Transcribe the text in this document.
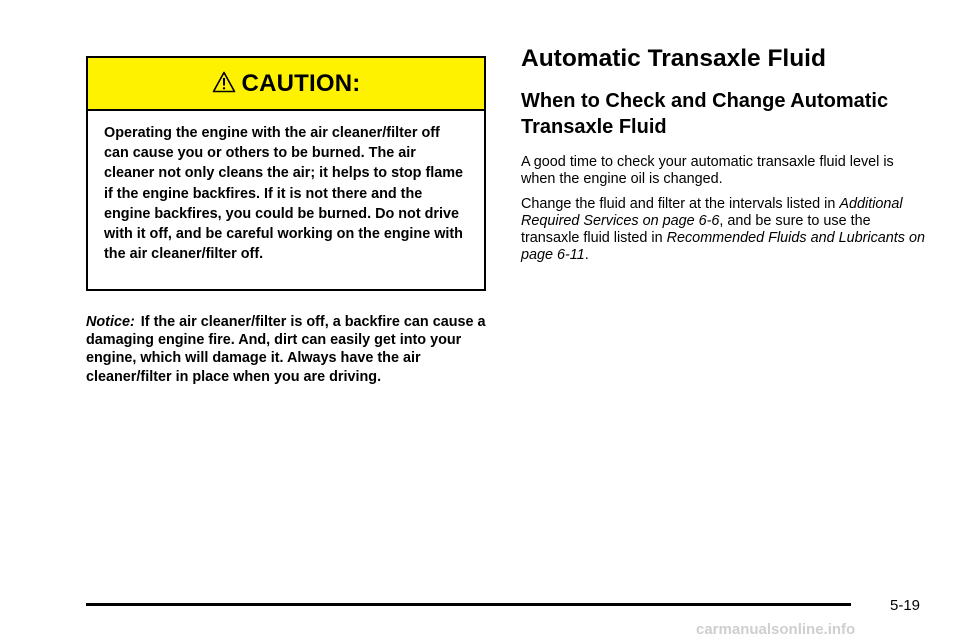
CAUTION:
Operating the engine with the air cleaner/filter off can cause you or others to be burned. The air cleaner not only cleans the air; it helps to stop flame if the engine backfires. If it is not there and the engine backfires, you could be burned. Do not drive with it off, and be careful working on the engine with the air cleaner/filter off.
Notice: If the air cleaner/filter is off, a backfire can cause a damaging engine fire. And, dirt can easily get into your engine, which will damage it. Always have the air cleaner/filter in place when you are driving.
Automatic Transaxle Fluid
When to Check and Change Automatic Transaxle Fluid

A good time to check your automatic transaxle fluid level is when the engine oil is changed.

Change the fluid and filter at the intervals listed in Additional Required Services on page 6-6, and be sure to use the transaxle fluid listed in Recommended Fluids and Lubricants on page 6-11.

5-19
carmanualsonline.info
